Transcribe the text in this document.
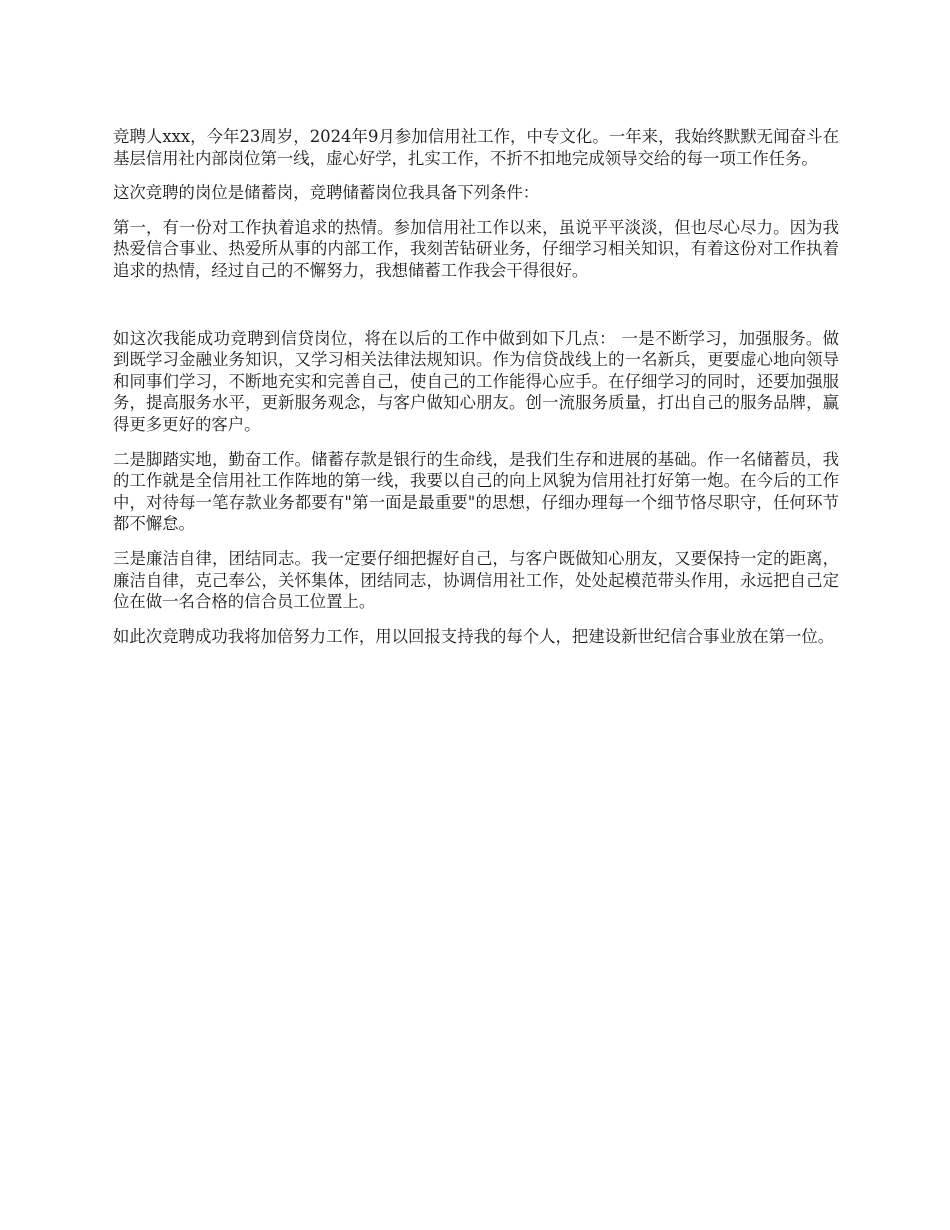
竞聘人xxx，今年23周岁，2024年9月参加信用社工作，中专文化。一年来，我始终默默无闻奋斗在基层信用社内部岗位第一线，虚心好学，扎实工作，不折不扣地完成领导交给的每一项工作任务。

这次竞聘的岗位是储蓄岗，竞聘储蓄岗位我具备下列条件：

第一，有一份对工作执着追求的热情。参加信用社工作以来，虽说平平淡淡，但也尽心尽力。因为我热爱信合事业、热爱所从事的内部工作，我刻苦钻研业务，仔细学习相关知识，有着这份对工作执着追求的热情，经过自己的不懈努力，我想储蓄工作我会干得很好。

如这次我能成功竞聘到信贷岗位，将在以后的工作中做到如下几点： 一是不断学习，加强服务。做到既学习金融业务知识，又学习相关法律法规知识。作为信贷战线上的一名新兵，更要虚心地向领导和同事们学习，不断地充实和完善自己，使自己的工作能得心应手。在仔细学习的同时，还要加强服务，提高服务水平，更新服务观念，与客户做知心朋友。创一流服务质量，打出自己的服务品牌，赢得更多更好的客户。

二是脚踏实地，勤奋工作。储蓄存款是银行的生命线，是我们生存和进展的基础。作一名储蓄员，我的工作就是全信用社工作阵地的第一线，我要以自己的向上风貌为信用社打好第一炮。在今后的工作中，对待每一笔存款业务都要有"第一面是最重要"的思想，仔细办理每一个细节恪尽职守，任何环节都不懈怠。

三是廉洁自律，团结同志。我一定要仔细把握好自己，与客户既做知心朋友，又要保持一定的距离，廉洁自律，克己奉公，关怀集体，团结同志，协调信用社工作，处处起模范带头作用，永远把自己定位在做一名合格的信合员工位置上。

如此次竞聘成功我将加倍努力工作，用以回报支持我的每个人，把建设新世纪信合事业放在第一位。
